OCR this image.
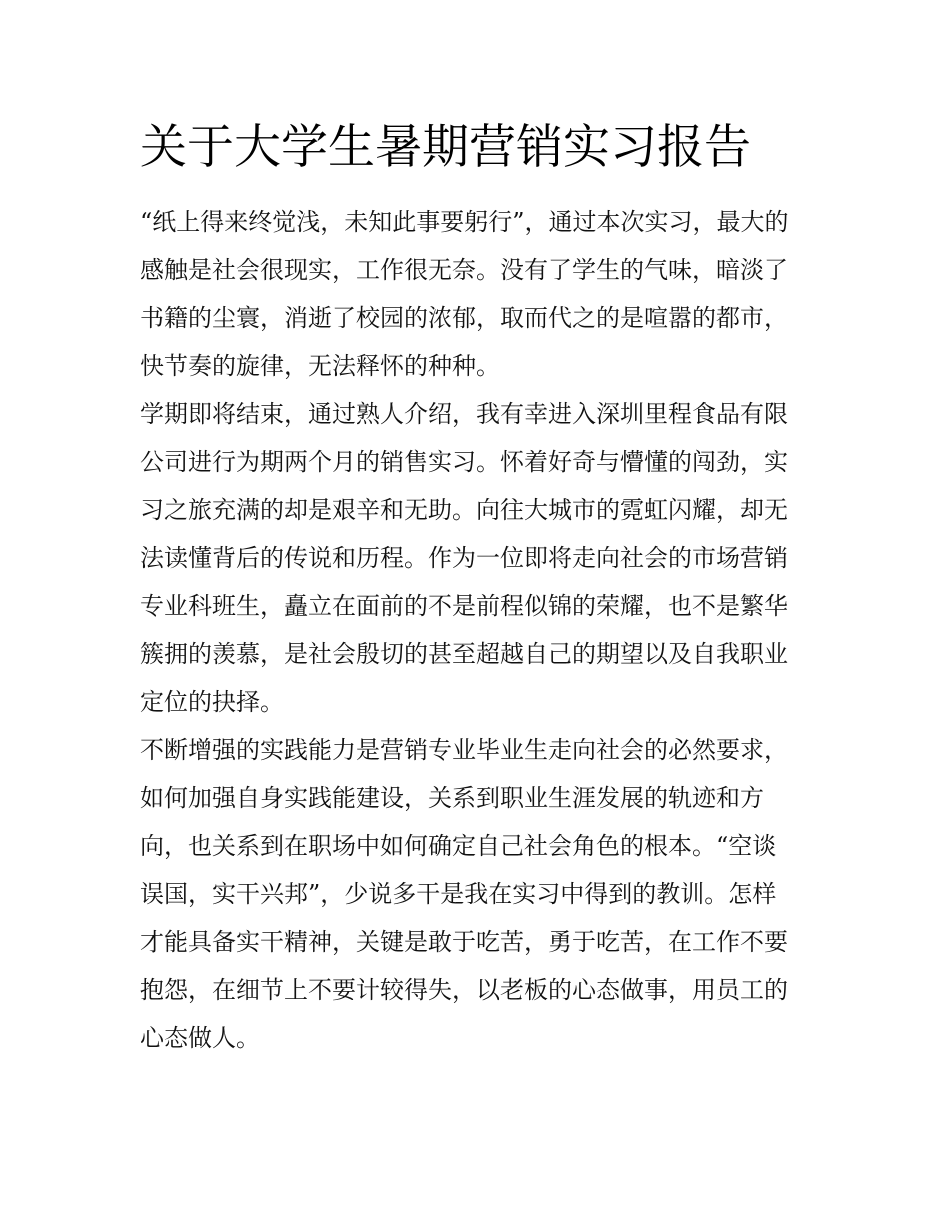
关于大学生暑期营销实习报告

“纸上得来终觉浅，未知此事要躬行”，通过本次实习，最大的
感触是社会很现实，工作很无奈。没有了学生的气味，暗淡了
书籍的尘寰，消逝了校园的浓郁，取而代之的是喧嚣的都市，
快节奏的旋律，无法释怀的种种。

学期即将结束，通过熟人介绍，我有幸进入深圳里程食品有限
公司进行为期两个月的销售实习。怀着好奇与懵懂的闯劲，实
习之旅充满的却是艰辛和无助。向往大城市的霓虹闪耀，却无
法读懂背后的传说和历程。作为一位即将走向社会的市场营销
专业科班生，矗立在面前的不是前程似锦的荣耀，也不是繁华
簇拥的羡慕，是社会殷切的甚至超越自己的期望以及自我职业
定位的抉择。

不断增强的实践能力是营销专业毕业生走向社会的必然要求，
如何加强自身实践能建设，关系到职业生涯发展的轨迹和方
向，也关系到在职场中如何确定自己社会角色的根本。“空谈
误国，实干兴邦”，少说多干是我在实习中得到的教训。怎样
才能具备实干精神，关键是敢于吃苦，勇于吃苦，在工作不要
抱怨，在细节上不要计较得失，以老板的心态做事，用员工的
心态做人。
